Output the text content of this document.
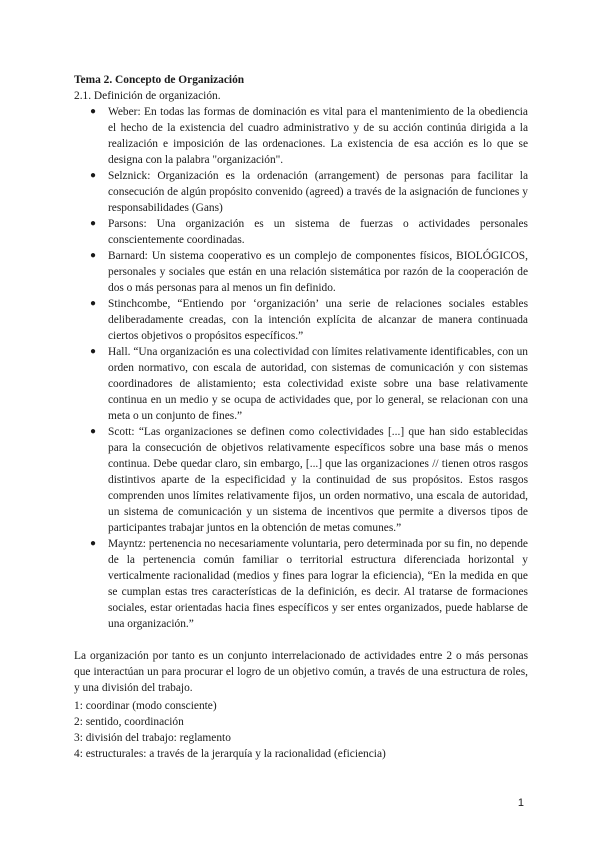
Tema 2. Concepto de Organización

2.1. Definición de organización.

● Weber: En todas las formas de dominación es vital para el mantenimiento de la obediencia el hecho de la existencia del cuadro administrativo y de su acción continúa dirigida a la realización e imposición de las ordenaciones. La existencia de esa acción es lo que se designa con la palabra "organización".
● Selznick: Organización es la ordenación (arrangement) de personas para facilitar la consecución de algún propósito convenido (agreed) a través de la asignación de funciones y responsabilidades (Gans)
● Parsons: Una organización es un sistema de fuerzas o actividades personales conscientemente coordinadas.
● Barnard: Un sistema cooperativo es un complejo de componentes físicos, BIOLÓGICOS, personales y sociales que están en una relación sistemática por razón de la cooperación de dos o más personas para al menos un fin definido.
● Stinchcombe, “Entiendo por ‘organización’ una serie de relaciones sociales estables deliberadamente creadas, con la intención explícita de alcanzar de manera continuada ciertos objetivos o propósitos específicos.”
● Hall. “Una organización es una colectividad con límites relativamente identificables, con un orden normativo, con escala de autoridad, con sistemas de comunicación y con sistemas coordinadores de alistamiento; esta colectividad existe sobre una base relativamente continua en un medio y se ocupa de actividades que, por lo general, se relacionan con una meta o un conjunto de fines.”
● Scott: “Las organizaciones se definen como colectividades [...] que han sido establecidas para la consecución de objetivos relativamente específicos sobre una base más o menos continua. Debe quedar claro, sin embargo, [...] que las organizaciones // tienen otros rasgos distintivos aparte de la especificidad y la continuidad de sus propósitos. Estos rasgos comprenden unos límites relativamente fijos, un orden normativo, una escala de autoridad, un sistema de comunicación y un sistema de incentivos que permite a diversos tipos de participantes trabajar juntos en la obtención de metas comunes.”
● Mayntz: pertenencia no necesariamente voluntaria, pero determinada por su fin, no depende de la pertenencia común familiar o territorial estructura diferenciada horizontal y verticalmente racionalidad (medios y fines para lograr la eficiencia), “En la medida en que se cumplan estas tres características de la definición, es decir. Al tratarse de formaciones sociales, estar orientadas hacia fines específicos y ser entes organizados, puede hablarse de una organización.”

La organización por tanto es un conjunto interrelacionado de actividades entre 2 o más personas que interactúan un para procurar el logro de un objetivo común, a través de una estructura de roles, y una división del trabajo.

1: coordinar (modo consciente)

2: sentido, coordinación

3: división del trabajo: reglamento

4: estructurales: a través de la jerarquía y la racionalidad (eficiencia)

1
